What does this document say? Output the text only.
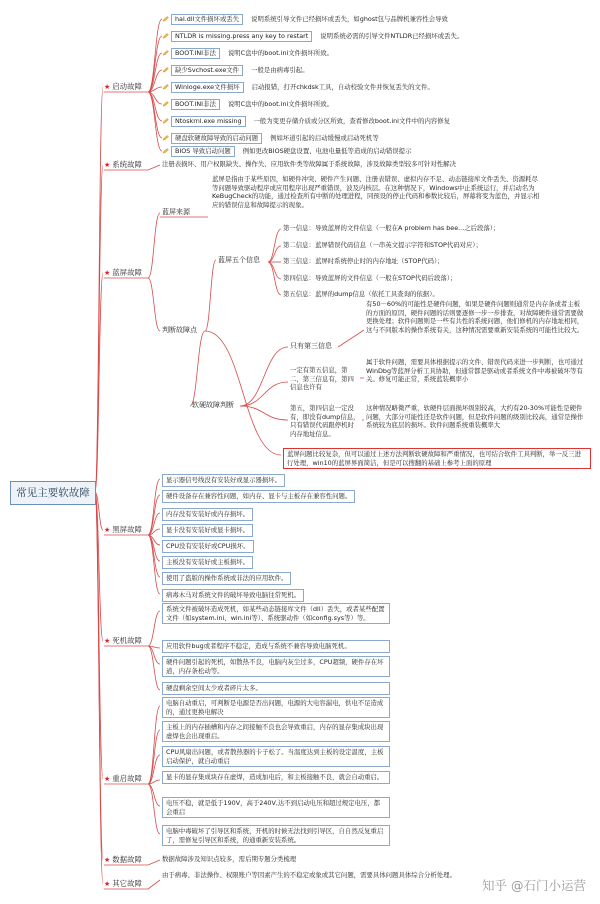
常见主要软故障
★ 启动故障
★ 系统故障
★ 蓝屏故障
★ 黑屏故障
★ 死机故障
★ 重启故障
★ 数据故障
★ 其它故障
hal.dll文件损坏或丢失 说明系统引导文件已经损坏或丢失，如ghost包与品牌机兼容性会导致
NTLDR is missing.press any key to restart 说明系统必需的引导文件NTLDR已经损坏或丢失。
BOOT.INI非法 说明C盘中的boot.ini文件损坏所致。
缺少Svchost.exe文件 一般是由病毒引起。
Winloge.exe文件损坏 启动报错，打开chkdsk工具，自动校验文件并恢复丢失的文件。
BOOT.INI非法 说明C盘中的boot.ini文件损坏所致。
Ntoskrnl.exe missing 一般为变更存储介质或分区所致，查看修改boot.ini文件中的内容修复
硬盘软硬故障导致的启动问题 例如坏道引起的启动缓慢或启动死机等
BIOS 导致启动问题 例如更改BIOS硬盘设置、电池电量低等造成的启动错误提示
注册表损坏、用户权限缺失、操作失、应用软件类等故障属于系统故障，涉及故障类型较多可针对性解决
蓝屏来源
蓝屏是指由于某些原因，如硬件冲突、硬件产生问题、注册表错误、虚拟内存不足、动态链接库文件丢失、资源耗尽等问题导致驱动程序或应用程序出现严重错误，波及内核层。在这种情况下，Windows中止系统运行，并启动名为KeBugCheck的功能，通过检查所有中断的处理进程，同预设的停止代码和参数比较后，屏幕将变为蓝色，并显示相应的错误信息和故障提示的现象。
判断故障点
蓝屏五个信息
第一信息：导致蓝屏的文件信息（一般在A problem has bee...之后段落）；
第二信息：蓝屏错误代码信息（一串英文提示字符和STOP代码对应）；
第三信息：蓝屏时系统停止时的内存地址（STOP代码）；
第四信息：导致蓝屏的文件信息（一般在STOP代码后段落）；
第五信息：蓝屏的dump信息（依托工具查询的依据）。
软硬故障判断
只有第三信息
有50－60%的可能性是硬件问题，如果是硬件问题则通常是内存条或者主板的方面的原因，硬件问题的话则要逐修一步一步排查，对故障硬件通常需要做更换处理；软件问题则是一些有共性的系统问题，他们修机的内存地址相同，这与不同版本的操作系统有关，这种情况需要重新安装系统的可能性比较大。
一定有第五信息，第二，第三信息有，第四信息也许有
属于软件问题，需要具体根据提示的文件、错误代码来进一步判断，也可通过WinDbg等蓝屏分析工具协助，但通常都是驱动或者系统文件中毒被破坏等有关。修复可能正常，系统蓝装概率小
第五，第四信息一定没有，即没有dump信息，只有错误代码跟停机时内存地址信息。
这种情况略微严重，软硬件层面损坏级别较高，大约有20-30%可能性是硬件问题，大部分可能性还是软件问题，但是软件问题的级别比较高，通常是操作系统较为底层的损坏。软件问题系统重装概率大
蓝屏问题比较复杂，但可以通过上述方法判断软硬故障和严重情况，也可结合软件工具判断，举一反三进行处理，win10的蓝屏界面简洁，但是可以搜翻的基础上参考上面的原理
显示器信号线没有安装好或显示器损坏。
硬件设备存在兼容性问题，如内存、显卡与主板存在兼容性问题。
内存没有安装好或内存损坏。
显卡没有安装好或显卡损坏。
CPU没有安装好或CPU损坏。
主板没有安装好或主板损坏。
使用了盗版的操作系统或非法的应用软件。
病毒木马对系统文件的破坏导致电脑往常死机。
系统文件被破坏造成死机，如某些动态链接库文件（dll）丢失，或者某些配置文件（如system.ini、win.ini等）、系统驱动件（如config.sys等）等。
应用软件bug或者程序不稳定，造成与系统不兼容导致电脑死机。
硬件问题引起的死机，如散热不良，电脑内灰尘过多，CPU超频，硬件存在坏道，内存条松动等。
硬盘剩余空间太少或者碎片太多。
电脑自动重启，可判断是电源是否出问题，电源的大电容漏电，供电不足造成的，通过更换电解决
主板上的内存插槽和内存之间接触不良也会导致重启，内存的显存集成块出现虚焊也会出现重启。
CPU风扇出问题，或者散热器的卡子松了。当温度达到主板的设定温度，主板启动保护，就自动重启
显卡的显存集成块存在虚焊，造成加电后，和主板接触不良，就会自动重启。
电压不稳，就是低于190V，高于240V,达不到启动电压和超过规定电压，都会重启
电脑中毒破坏了引导区和系统，开机的时候无法找到引导区，自自然反复重启了，需修复引导区和系统，的通重新安装系统。
数据故障涉及知识点较多，需后期专题分类梳理
由于病毒、非法操作、权限账户等因素产生的不稳定或象或其它问题，需要具体问题具体综合分析处理。
知乎 @石门小运营
